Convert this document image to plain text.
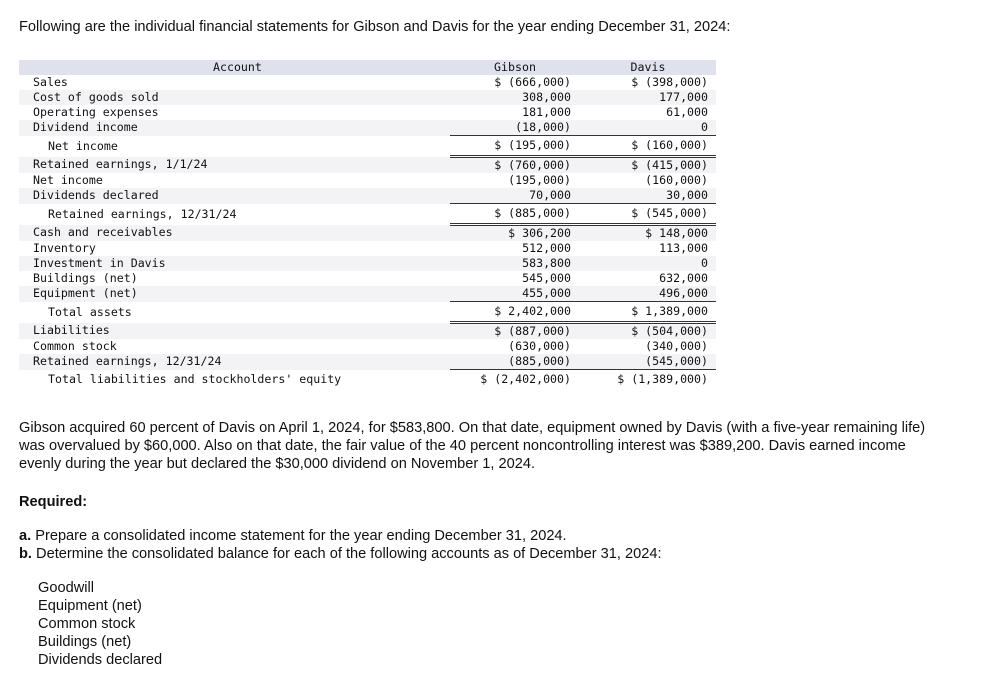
Following are the individual financial statements for Gibson and Davis for the year ending December 31, 2024:
Account	Gibson	Davis
Sales	$ (666,000)	$ (398,000)
Cost of goods sold	308,000	177,000
Operating expenses	181,000	61,000
Dividend income	(18,000)	0
Net income	$ (195,000)	$ (160,000)
Retained earnings, 1/1/24	$ (760,000)	$ (415,000)
Net income	(195,000)	(160,000)
Dividends declared	70,000	30,000
Retained earnings, 12/31/24	$ (885,000)	$ (545,000)
Cash and receivables	$ 306,200	$ 148,000
Inventory	512,000	113,000
Investment in Davis	583,800	0
Buildings (net)	545,000	632,000
Equipment (net)	455,000	496,000
Total assets	$ 2,402,000	$ 1,389,000
Liabilities	$ (887,000)	$ (504,000)
Common stock	(630,000)	(340,000)
Retained earnings, 12/31/24	(885,000)	(545,000)
Total liabilities and stockholders' equity	$ (2,402,000)	$ (1,389,000)
Gibson acquired 60 percent of Davis on April 1, 2024, for $583,800. On that date, equipment owned by Davis (with a five-year remaining life) was overvalued by $60,000. Also on that date, the fair value of the 40 percent noncontrolling interest was $389,200. Davis earned income evenly during the year but declared the $30,000 dividend on November 1, 2024.
Required:
a. Prepare a consolidated income statement for the year ending December 31, 2024.
b. Determine the consolidated balance for each of the following accounts as of December 31, 2024:
Goodwill
Equipment (net)
Common stock
Buildings (net)
Dividends declared
